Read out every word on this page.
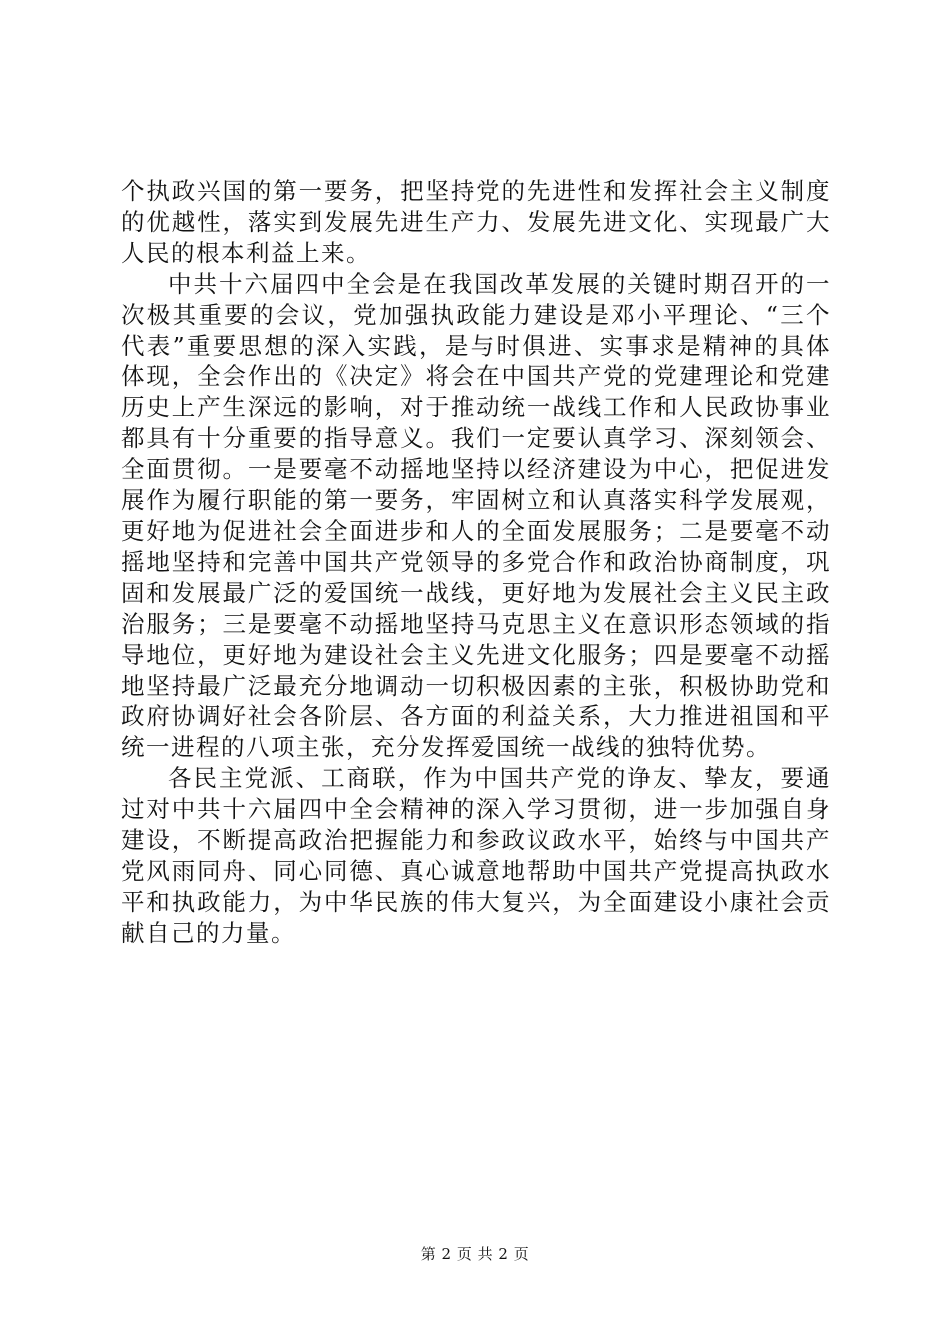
个执政兴国的第一要务，把坚持党的先进性和发挥社会主义制度的优越性，落实到发展先进生产力、发展先进文化、实现最广大人民的根本利益上来。

中共十六届四中全会是在我国改革发展的关键时期召开的一次极其重要的会议，党加强执政能力建设是邓小平理论、“三个代表”重要思想的深入实践，是与时俱进、实事求是精神的具体体现，全会作出的《决定》将会在中国共产党的党建理论和党建历史上产生深远的影响，对于推动统一战线工作和人民政协事业都具有十分重要的指导意义。我们一定要认真学习、深刻领会、全面贯彻。一是要毫不动摇地坚持以经济建设为中心，把促进发展作为履行职能的第一要务，牢固树立和认真落实科学发展观，更好地为促进社会全面进步和人的全面发展服务；二是要毫不动摇地坚持和完善中国共产党领导的多党合作和政治协商制度，巩固和发展最广泛的爱国统一战线，更好地为发展社会主义民主政治服务；三是要毫不动摇地坚持马克思主义在意识形态领域的指导地位，更好地为建设社会主义先进文化服务；四是要毫不动摇地坚持最广泛最充分地调动一切积极因素的主张，积极协助党和政府协调好社会各阶层、各方面的利益关系，大力推进祖国和平统一进程的八项主张，充分发挥爱国统一战线的独特优势。

各民主党派、工商联，作为中国共产党的诤友、挚友，要通过对中共十六届四中全会精神的深入学习贯彻，进一步加强自身建设，不断提高政治把握能力和参政议政水平，始终与中国共产党风雨同舟、同心同德、真心诚意地帮助中国共产党提高执政水平和执政能力，为中华民族的伟大复兴，为全面建设小康社会贡献自己的力量。

第 2 页 共 2 页
